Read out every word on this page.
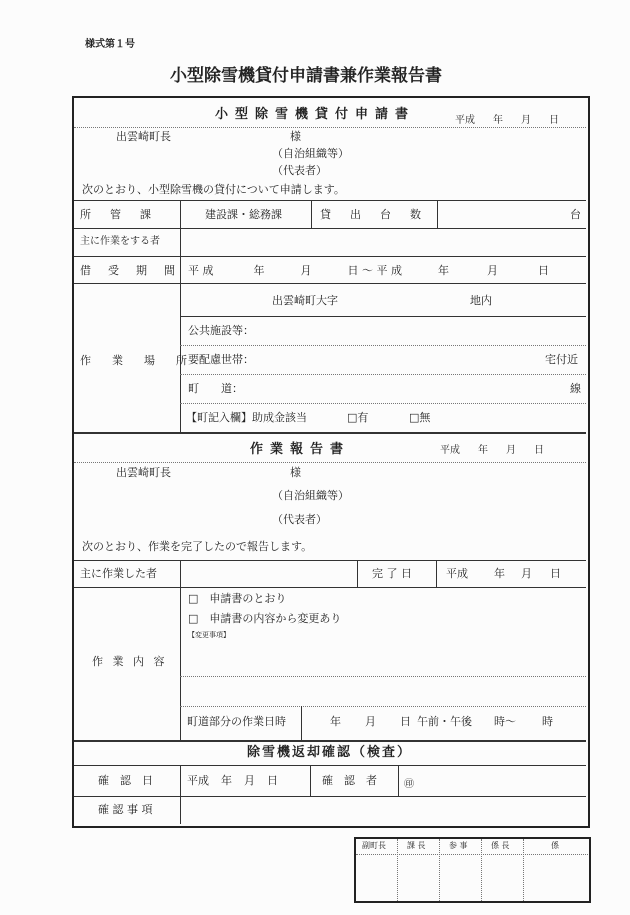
様式第１号
小型除雪機貸付申請書兼作業報告書
小型除雪機貸付申請書	平成 年 月 日
出雲崎町長	様
（自治組織等）
（代表者）
次のとおり、小型除雪機の貸付について申請します。
所　管　課	建設課・総務課	貸　出　台　数	台
主に作業をする者
借　受　期　間 平 成	年	月	日 ～ 平 成	年	月	日
作　業　場　所
出雲崎町大字	地内
公共施設等：
要配慮世帯：	宅付近
町　　道：	線
【町記入欄】助成金該当	□有	□無
作業報告書	平成 年 月 日
出雲崎町長	様
（自治組織等）
（代表者）
次のとおり、作業を完了したので報告します。
主に作業した者	完 了 日	平成 年 月 日
作 業 内 容
□　申請書のとおり
□　申請書の内容から変更あり
【変更事項】
町道部分の作業日時	年 月 日 午前・午後 時～ 時
除雪機返却確認（検査）
確　認　日	平成 年 月 日	確　認　者	㊞
確 認 事 項
副町長	課 長	参 事	係 長	係
